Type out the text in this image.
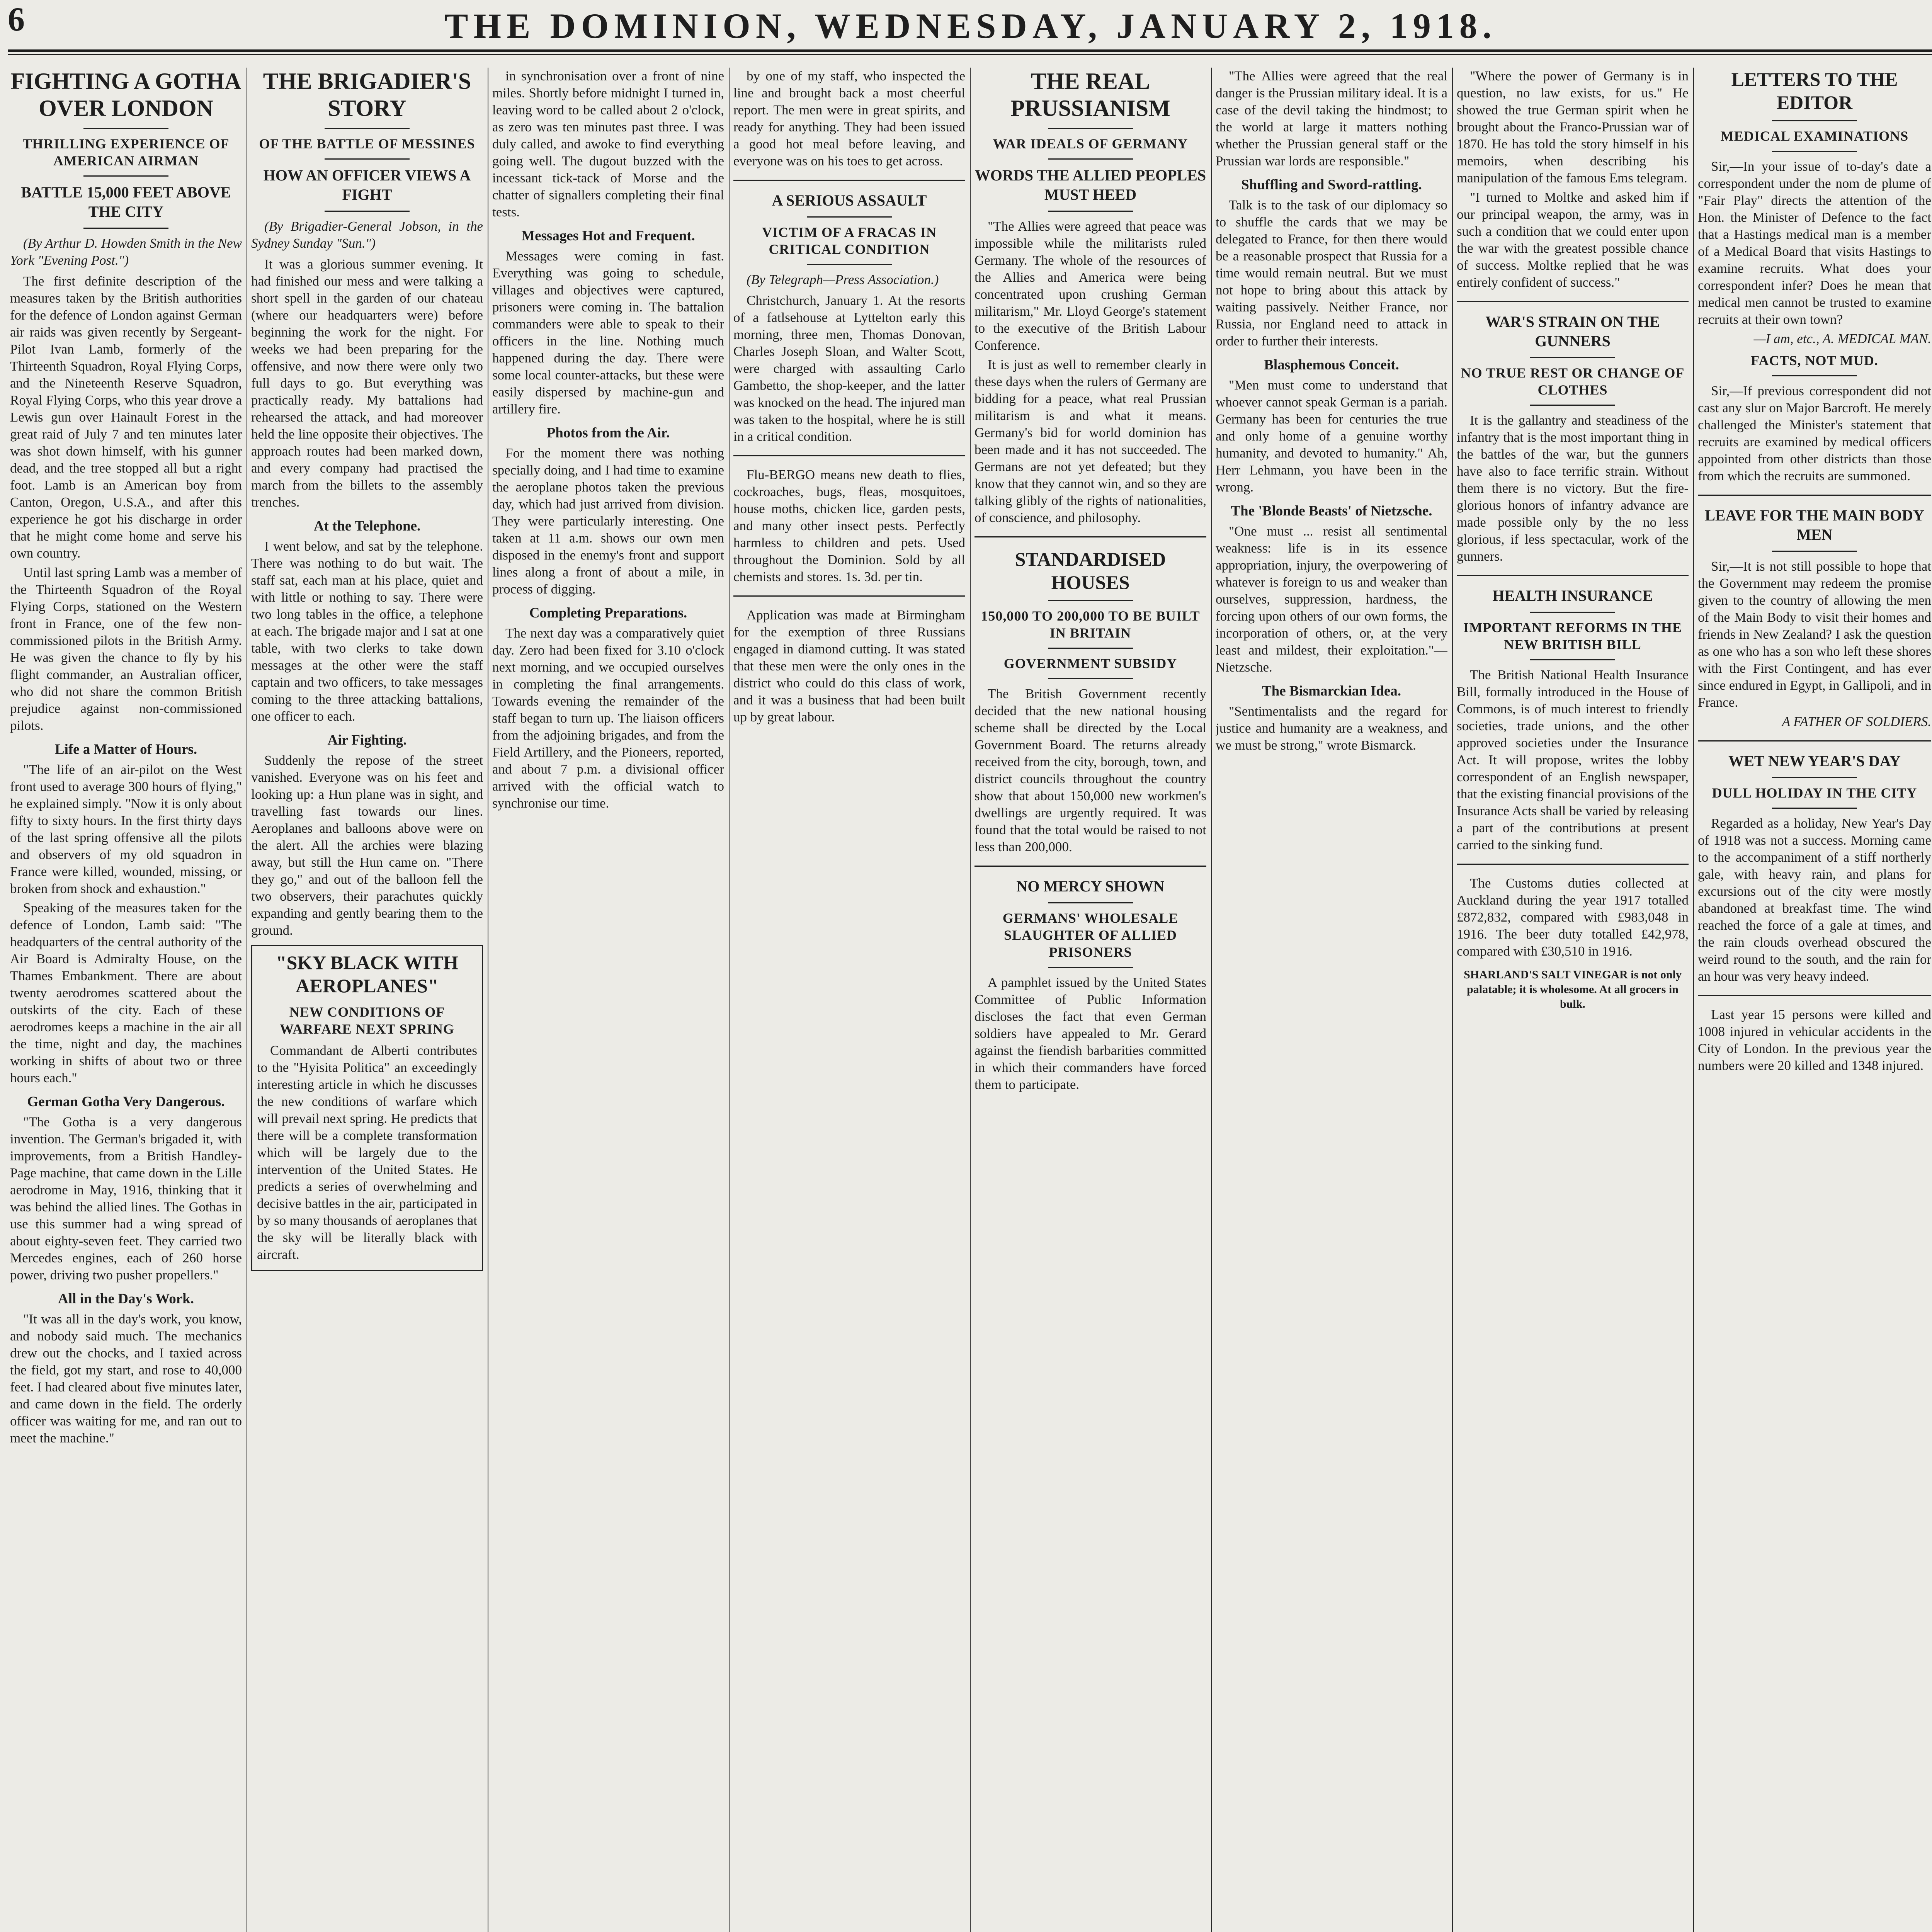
6	THE DOMINION, WEDNESDAY, JANUARY 2, 1918.
FIGHTING A GOTHA OVER LONDON
THRILLING EXPERIENCE OF AMERICAN AIRMAN
BATTLE 15,000 FEET ABOVE THE CITY

(By Arthur D. Howden Smith in the New York "Evening Post.")

The first definite description of the measures taken by the British authorities for the defence of London against German air raids was given recently by Sergeant-Pilot Ivan Lamb, formerly of the Thirteenth Squadron, Royal Flying Corps, and the Nineteenth Reserve Squadron, Royal Flying Corps, who this year drove a Lewis gun over Hainault Forest in the great raid of July 7 and ten minutes later was shot down himself, with his gunner dead, and the tree stopped all but a right foot. Lamb is an American boy from Canton, Oregon, U.S.A., and after this experience he got his discharge in order that he might come home and serve his own country.

Until last spring Lamb was a member of the Thirteenth Squadron of the Royal Flying Corps, stationed on the Western front in France, one of the few non-commissioned pilots in the British Army. He was given the chance to fly by his flight commander, an Australian officer, who did not share the common British prejudice against non-commissioned pilots.

Life a Matter of Hours.

"The life of an air-pilot on the West front used to average 300 hours of flying," he explained simply. "Now it is only about fifty to sixty hours. In the first thirty days of the last spring offensive all the pilots and observers of my old squadron in France were killed, wounded, missing, or broken from shock and exhaustion."

Speaking of the measures taken for the defence of London, Lamb said: "The headquarters of the central authority of the Air Board is Admiralty House, on the Thames Embankment. There are about twenty aerodromes scattered about the outskirts of the city. Each of these aerodromes keeps a machine in the air all the time, night and day, the machines working in shifts of about two or three hours each."

German Gotha Very Dangerous.

"The Gotha is a very dangerous invention. The German's brigaded it, with improvements, from a British Handley-Page machine, that came down in the Lille aerodrome in May, 1916, thinking that it was behind the allied lines. The Gothas in use this summer had a wing spread of about eighty-seven feet. They carried two Mercedes engines, each of 260 horse power, driving two pusher propellers."

All in the Day's Work.

"It was all in the day's work, you know, and nobody said much. The mechanics drew out the chocks, and I taxied across the field, got my start, and rose to 40,000 feet. I had cleared about five minutes later, and came down in the field. The orderly officer was waiting for me, and ran out to meet the machine."

THE BRIGADIER'S STORY
OF THE BATTLE OF MESSINES
HOW AN OFFICER VIEWS A FIGHT

(By Brigadier-General Jobson, in the Sydney Sunday "Sun.")

It was a glorious summer evening. It had finished our mess and were talking a short spell in the garden of our chateau (where our headquarters were) before beginning the work for the night. For weeks we had been preparing for the offensive, and now there were only two full days to go. But everything was practically ready. My battalions had rehearsed the attack, and had moreover held the line opposite their objectives. The approach routes had been marked down, and every company had practised the march from the billets to the assembly trenches.

At the Telephone.

I went below, and sat by the telephone. There was nothing to do but wait. The staff sat, each man at his place, quiet and with little or nothing to say. There were two long tables in the office, a telephone at each. The brigade major and I sat at one table, with two clerks to take down messages at the other were the staff captain and two officers, to take messages coming to the three attacking battalions, one officer to each.

Air Fighting.

Suddenly the repose of the street vanished. Everyone was on his feet and looking up: a Hun plane was in sight, and travelling fast towards our lines. Aeroplanes and balloons above were on the alert. All the archies were blazing away, but still the Hun came on. "There they go," and out of the balloon fell the two observers, their parachutes quickly expanding and gently bearing them to the ground.

"SKY BLACK WITH AEROPLANES"
NEW CONDITIONS OF WARFARE NEXT SPRING

Commandant de Alberti contributes to the "Hyisita Politica" an exceedingly interesting article in which he discusses the new conditions of warfare which will prevail next spring. He predicts that there will be a complete transformation which will be largely due to the intervention of the United States. He predicts a series of overwhelming and decisive battles in the air, participated in by so many thousands of aeroplanes that the sky will be literally black with aircraft.

in synchronisation over a front of nine miles. Shortly before midnight I turned in, leaving word to be called about 2 o'clock, as zero was ten minutes past three. I was duly called, and awoke to find everything going well. The dugout buzzed with the incessant tick-tack of Morse and the chatter of signallers completing their final tests.

Messages Hot and Frequent.

Messages were coming in fast. Everything was going to schedule, villages and objectives were captured, prisoners were coming in. The battalion commanders were able to speak to their officers in the line. Nothing much happened during the day. There were some local counter-attacks, but these were easily dispersed by machine-gun and artillery fire.

Photos from the Air.

For the moment there was nothing specially doing, and I had time to examine the aeroplane photos taken the previous day, which had just arrived from division. They were particularly interesting. One taken at 11 a.m. shows our own men disposed in the enemy's front and support lines along a front of about a mile, in process of digging.

Completing Preparations.

The next day was a comparatively quiet day. Zero had been fixed for 3.10 o'clock next morning, and we occupied ourselves in completing the final arrangements. Towards evening the remainder of the staff began to turn up. The liaison officers from the adjoining brigades, and from the Field Artillery, and the Pioneers, reported, and about 7 p.m. a divisional officer arrived with the official watch to synchronise our time.

by one of my staff, who inspected the line and brought back a most cheerful report. The men were in great spirits, and ready for anything. They had been issued a good hot meal before leaving, and everyone was on his toes to get across.

A SERIOUS ASSAULT
VICTIM OF A FRACAS IN CRITICAL CONDITION

(By Telegraph—Press Association.)

Christchurch, January 1. At the resorts of a fatlsehouse at Lyttelton early this morning, three men, Thomas Donovan, Charles Joseph Sloan, and Walter Scott, were charged with assaulting Carlo Gambetto, the shop-keeper, and the latter was knocked on the head. The injured man was taken to the hospital, where he is still in a critical condition.

Flu-BERGO means new death to flies, cockroaches, bugs, fleas, mosquitoes, house moths, chicken lice, garden pests, and many other insect pests. Perfectly harmless to children and pets. Used throughout the Dominion. Sold by all chemists and stores. 1s. 3d. per tin.

Application was made at Birmingham for the exemption of three Russians engaged in diamond cutting. It was stated that these men were the only ones in the district who could do this class of work, and it was a business that had been built up by great labour.

THE REAL PRUSSIANISM
WAR IDEALS OF GERMANY
WORDS THE ALLIED PEOPLES MUST HEED

"The Allies were agreed that peace was impossible while the militarists ruled Germany. The whole of the resources of the Allies and America were being concentrated upon crushing German militarism," Mr. Lloyd George's statement to the executive of the British Labour Conference.

It is just as well to remember clearly in these days when the rulers of Germany are bidding for a peace, what real Prussian militarism is and what it means. Germany's bid for world dominion has been made and it has not succeeded. The Germans are not yet defeated; but they know that they cannot win, and so they are talking glibly of the rights of nationalities, of conscience, and philosophy.

STANDARDISED HOUSES
150,000 TO 200,000 TO BE BUILT IN BRITAIN
GOVERNMENT SUBSIDY

The British Government recently decided that the new national housing scheme shall be directed by the Local Government Board. The returns already received from the city, borough, town, and district councils throughout the country show that about 150,000 new workmen's dwellings are urgently required. It was found that the total would be raised to not less than 200,000.

NO MERCY SHOWN
GERMANS' WHOLESALE SLAUGHTER OF ALLIED PRISONERS

A pamphlet issued by the United States Committee of Public Information discloses the fact that even German soldiers have appealed to Mr. Gerard against the fiendish barbarities committed in which their commanders have forced them to participate.

"The Allies were agreed that the real danger is the Prussian military ideal. It is a case of the devil taking the hindmost; to the world at large it matters nothing whether the Prussian general staff or the Prussian war lords are responsible."

Shuffling and Sword-rattling.

Talk is to the task of our diplomacy so to shuffle the cards that we may be delegated to France, for then there would be a reasonable prospect that Russia for a time would remain neutral. But we must not hope to bring about this attack by waiting passively. Neither France, nor Russia, nor England need to attack in order to further their interests.

Blasphemous Conceit.

"Men must come to understand that whoever cannot speak German is a pariah. Germany has been for centuries the true and only home of a genuine worthy humanity, and devoted to humanity." Ah, Herr Lehmann, you have been in the wrong.

The 'Blonde Beasts' of Nietzsche.

"One must ... resist all sentimental weakness: life is in its essence appropriation, injury, the overpowering of whatever is foreign to us and weaker than ourselves, suppression, hardness, the forcing upon others of our own forms, the incorporation of others, or, at the very least and mildest, their exploitation."—Nietzsche.

The Bismarckian Idea.

"Sentimentalists and the regard for justice and humanity are a weakness, and we must be strong," wrote Bismarck.

"Where the power of Germany is in question, no law exists, for us." He showed the true German spirit when he brought about the Franco-Prussian war of 1870. He has told the story himself in his memoirs, when describing his manipulation of the famous Ems telegram.

"I turned to Moltke and asked him if our principal weapon, the army, was in such a condition that we could enter upon the war with the greatest possible chance of success. Moltke replied that he was entirely confident of success."

WAR'S STRAIN ON THE GUNNERS
NO TRUE REST OR CHANGE OF CLOTHES

It is the gallantry and steadiness of the infantry that is the most important thing in the battles of the war, but the gunners have also to face terrific strain. Without them there is no victory. But the fire-glorious honors of infantry advance are made possible only by the no less glorious, if less spectacular, work of the gunners.

HEALTH INSURANCE
IMPORTANT REFORMS IN THE NEW BRITISH BILL

The British National Health Insurance Bill, formally introduced in the House of Commons, is of much interest to friendly societies, trade unions, and the other approved societies under the Insurance Act. It will propose, writes the lobby correspondent of an English newspaper, that the existing financial provisions of the Insurance Acts shall be varied by releasing a part of the contributions at present carried to the sinking fund.

The Customs duties collected at Auckland during the year 1917 totalled £872,832, compared with £983,048 in 1916. The beer duty totalled £42,978, compared with £30,510 in 1916.

SHARLAND'S SALT VINEGAR is not only palatable; it is wholesome. At all grocers in bulk.
LETTERS TO THE EDITOR
MEDICAL EXAMINATIONS

Sir,—In your issue of to-day's date a correspondent under the nom de plume of "Fair Play" directs the attention of the Hon. the Minister of Defence to the fact that a Hastings medical man is a member of a Medical Board that visits Hastings to examine recruits. What does your correspondent infer? Does he mean that medical men cannot be trusted to examine recruits at their own town?

—I am, etc., A. MEDICAL MAN.

FACTS, NOT MUD.

Sir,—If previous correspondent did not cast any slur on Major Barcroft. He merely challenged the Minister's statement that recruits are examined by medical officers appointed from other districts than those from which the recruits are summoned.

LEAVE FOR THE MAIN BODY MEN

Sir,—It is not still possible to hope that the Government may redeem the promise given to the country of allowing the men of the Main Body to visit their homes and friends in New Zealand? I ask the question as one who has a son who left these shores with the First Contingent, and has ever since endured in Egypt, in Gallipoli, and in France.

A FATHER OF SOLDIERS.

WET NEW YEAR'S DAY
DULL HOLIDAY IN THE CITY

Regarded as a holiday, New Year's Day of 1918 was not a success. Morning came to the accompaniment of a stiff northerly gale, with heavy rain, and plans for excursions out of the city were mostly abandoned at breakfast time. The wind reached the force of a gale at times, and the rain clouds overhead obscured the weird round to the south, and the rain for an hour was very heavy indeed.

Last year 15 persons were killed and 1008 injured in vehicular accidents in the City of London. In the previous year the numbers were 20 killed and 1348 injured.
